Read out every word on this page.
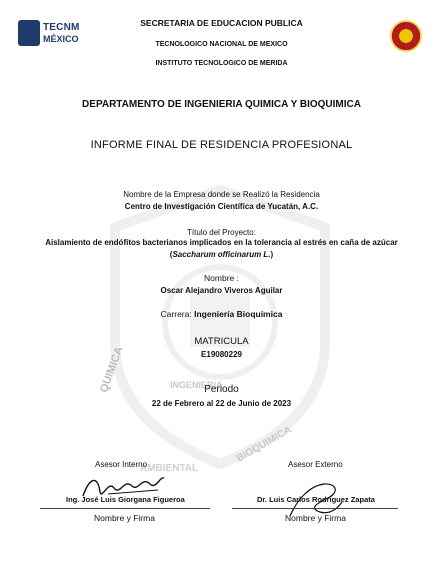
TECNM
MÉXICO
SECRETARIA DE EDUCACION PUBLICA
TECNOLOGICO NACIONAL DE MEXICO
INSTITUTO TECNOLOGICO DE MERIDA
QUIMICA	INGENIERIA
BIOQUIMICA
AMBIENTAL
DEPARTAMENTO DE INGENIERIA QUIMICA Y BIOQUIMICA
INFORME FINAL DE RESIDENCIA PROFESIONAL
Nombre de la Empresa donde se Realizó la Residencia
Centro de Investigación Científica de Yucatán, A.C.
Título del Proyecto:
Aislamiento de endófitos bacterianos implicados en la tolerancia al estrés en caña de azúcar
(Saccharum officinarum L.)
Nombre :
Oscar Alejandro Viveros Aguilar
Carrera: Ingeniería Bioquímica
MATRICULA
E19080229
Periodo
22 de Febrero al 22 de Junio de 2023
Asesor Interno
Ing. José Luis Giorgana Figueroa
Nombre y Firma
Asesor Externo
Dr. Luis Carlos Rodríguez Zapata
Nombre y Firma
